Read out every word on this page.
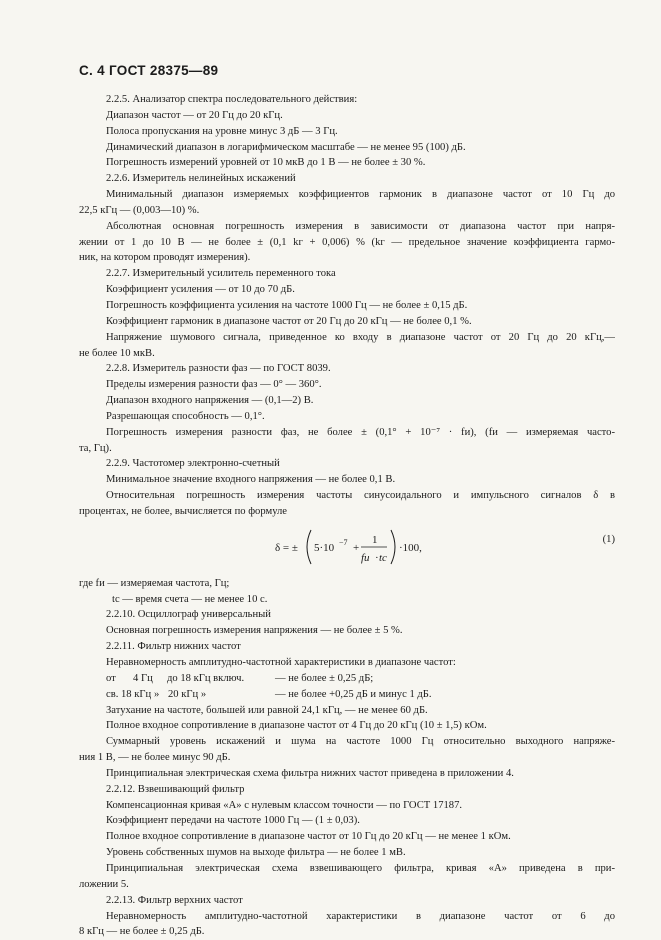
С. 4 ГОСТ 28375—89
2.2.5. Анализатор спектра последовательного действия:
Диапазон частот — от 20 Гц до 20 кГц.
Полоса пропускания на уровне минус 3 дБ — 3 Гц.
Динамический диапазон в логарифмическом масштабе — не менее 95 (100) дБ.
Погрешность измерений уровней от 10 мкВ до 1 В — не более ± 30 %.
2.2.6. Измеритель нелинейных искажений
Минимальный диапазон измеряемых коэффициентов гармоник в диапазоне частот от 10 Гц до
22,5 кГц — (0,003—10) %.
Абсолютная основная погрешность измерения в зависимости от диапазона частот при напря-
жении от 1 до 10 В — не более ± (0,1 kг + 0,006) % (kг — предельное значение коэффициента гармо-
ник, на котором проводят измерения).
2.2.7. Измерительный усилитель переменного тока
Коэффициент усиления — от 10 до 70 дБ.
Погрешность коэффициента усиления на частоте 1000 Гц — не более ± 0,15 дБ.
Коэффициент гармоник в диапазоне частот от 20 Гц до 20 кГц — не более 0,1 %.
Напряжение шумового сигнала, приведенное ко входу в диапазоне частот от 20 Гц до 20 кГц,—
не более 10 мкВ.
2.2.8. Измеритель разности фаз — по ГОСТ 8039.
Пределы измерения разности фаз — 0° — 360°.
Диапазон входного напряжения — (0,1—2) В.
Разрешающая способность — 0,1°.
Погрешность измерения разности фаз, не более ± (0,1° + 10⁻⁷ · fи), (fи — измеряемая часто-
та, Гц).
2.2.9. Частотомер электронно-счетный
Минимальное значение входного напряжения — не более 0,1 В.
Относительная погрешность измерения частоты синусоидального и импульсного сигналов δ в
процентах, не более, вычисляется по формуле
δ = ± 5·10 −7 +
1
fи · tс
·100,
(1)
где fи — измеряемая частота, Гц;
tс — время счета — не менее 10 с.
2.2.10. Осциллограф универсальный
Основная погрешность измерения напряжения — не более ± 5 %.
2.2.11. Фильтр нижних частот
Неравномерность амплитудно-частотной характеристики в диапазоне частот:
от	4 Гц	до 18 кГц включ.	— не более ± 0,25 дБ;
св. 18 кГц » 20 кГц »	— не более +0,25 дБ и минус 1 дБ.
Затухание на частоте, большей или равной 24,1 кГц, — не менее 60 дБ.
Полное входное сопротивление в диапазоне частот от 4 Гц до 20 кГц (10 ± 1,5) кОм.
Суммарный уровень искажений и шума на частоте 1000 Гц относительно выходного напряже-
ния 1 В, — не более минус 90 дБ.
Принципиальная электрическая схема фильтра нижних частот приведена в приложении 4.
2.2.12. Взвешивающий фильтр
Компенсационная кривая «А» с нулевым классом точности — по ГОСТ 17187.
Коэффициент передачи на частоте 1000 Гц — (1 ± 0,03).
Полное входное сопротивление в диапазоне частот от 10 Гц до 20 кГц — не менее 1 кОм.
Уровень собственных шумов на выходе фильтра — не более 1 мВ.
Принципиальная электрическая схема взвешивающего фильтра, кривая «А» приведена в при-
ложении 5.
2.2.13. Фильтр верхних частот
Неравномерность амплитудно-частотной характеристики в диапазоне частот от 6 до
8 кГц — не более ± 0,25 дБ.
